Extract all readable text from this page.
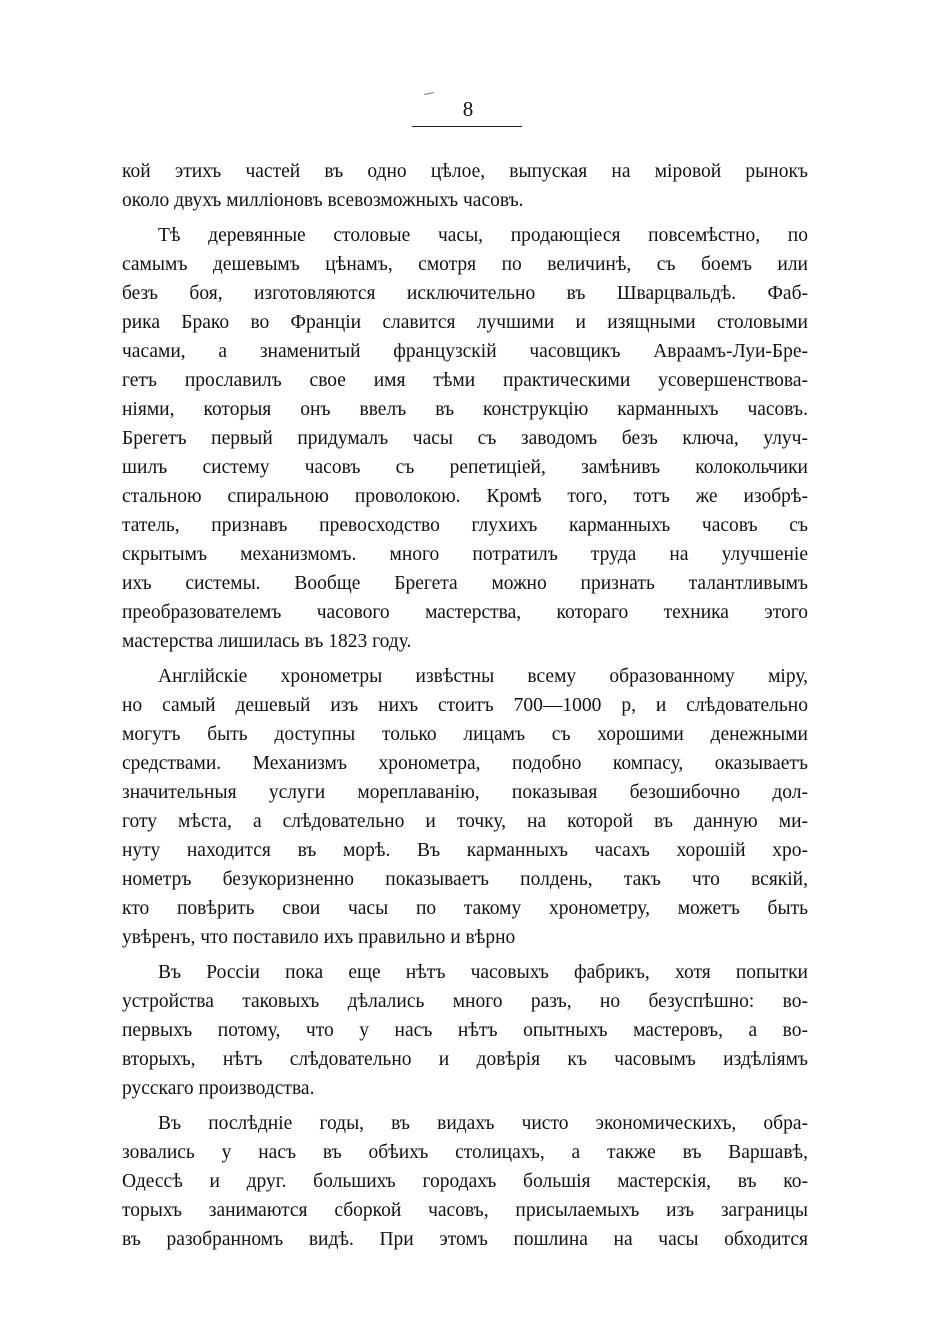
8
кой этихъ частей въ одно цѣлое, выпуская на міровой рынокъ
около двухъ милліоновъ всевозможныхъ часовъ.
Тѣ деревянные столовые часы, продающіеся повсемѣстно, по
самымъ дешевымъ цѣнамъ, смотря по величинѣ, съ боемъ или
безъ боя, изготовляются исключительно въ Шварцвальдѣ. Фаб-
рика Брако во Франціи славится лучшими и изящными столовыми
часами, а знаменитый французскій часовщикъ Авраамъ-Луи-Бре-
гетъ прославилъ свое имя тѣми практическими усовершенствова-
ніями, которыя онъ ввелъ въ конструкцію карманныхъ часовъ.
Брегетъ первый придумалъ часы съ заводомъ безъ ключа, улуч-
шилъ систему часовъ съ репетиціей, замѣнивъ колокольчики
стальною спиральною проволокою. Кромѣ того, тотъ же изобрѣ-
татель, признавъ превосходство глухихъ карманныхъ часовъ съ
скрытымъ механизмомъ. много потратилъ труда на улучшеніе
ихъ системы. Вообще Брегета можно признать талантливымъ
преобразователемъ часового мастерства, котораго техника этого
мастерства лишилась въ 1823 году.
Англійскіе хронометры извѣстны всему образованному міру,
но самый дешевый изъ нихъ стоитъ 700—1000 р, и слѣдовательно
могутъ быть доступны только лицамъ съ хорошими денежными
средствами. Механизмъ хронометра, подобно компасу, оказываетъ
значительныя услуги мореплаванію, показывая безошибочно дол-
готу мѣста, а слѣдовательно и точку, на которой въ данную ми-
нуту находится въ морѣ. Въ карманныхъ часахъ хорошій хро-
нометръ безукоризненно показываетъ полдень, такъ что всякій,
кто повѣрить свои часы по такому хронометру, можетъ быть
увѣренъ, что поставило ихъ правильно и вѣрно
Въ Россіи пока еще нѣтъ часовыхъ фабрикъ, хотя попытки
устройства таковыхъ дѣлались много разъ, но безуспѣшно: во-
первыхъ потому, что у насъ нѣтъ опытныхъ мастеровъ, а во-
вторыхъ, нѣтъ слѣдовательно и довѣрія къ часовымъ издѣліямъ
русскаго производства.
Въ послѣдніе годы, въ видахъ чисто экономическихъ, обра-
зовались у насъ въ обѣихъ столицахъ, а также въ Варшавѣ,
Одессѣ и друг. большихъ городахъ большія мастерскія, въ ко-
торыхъ занимаются сборкой часовъ, присылаемыхъ изъ заграницы
въ разобранномъ видѣ. При этомъ пошлина на часы обходится
